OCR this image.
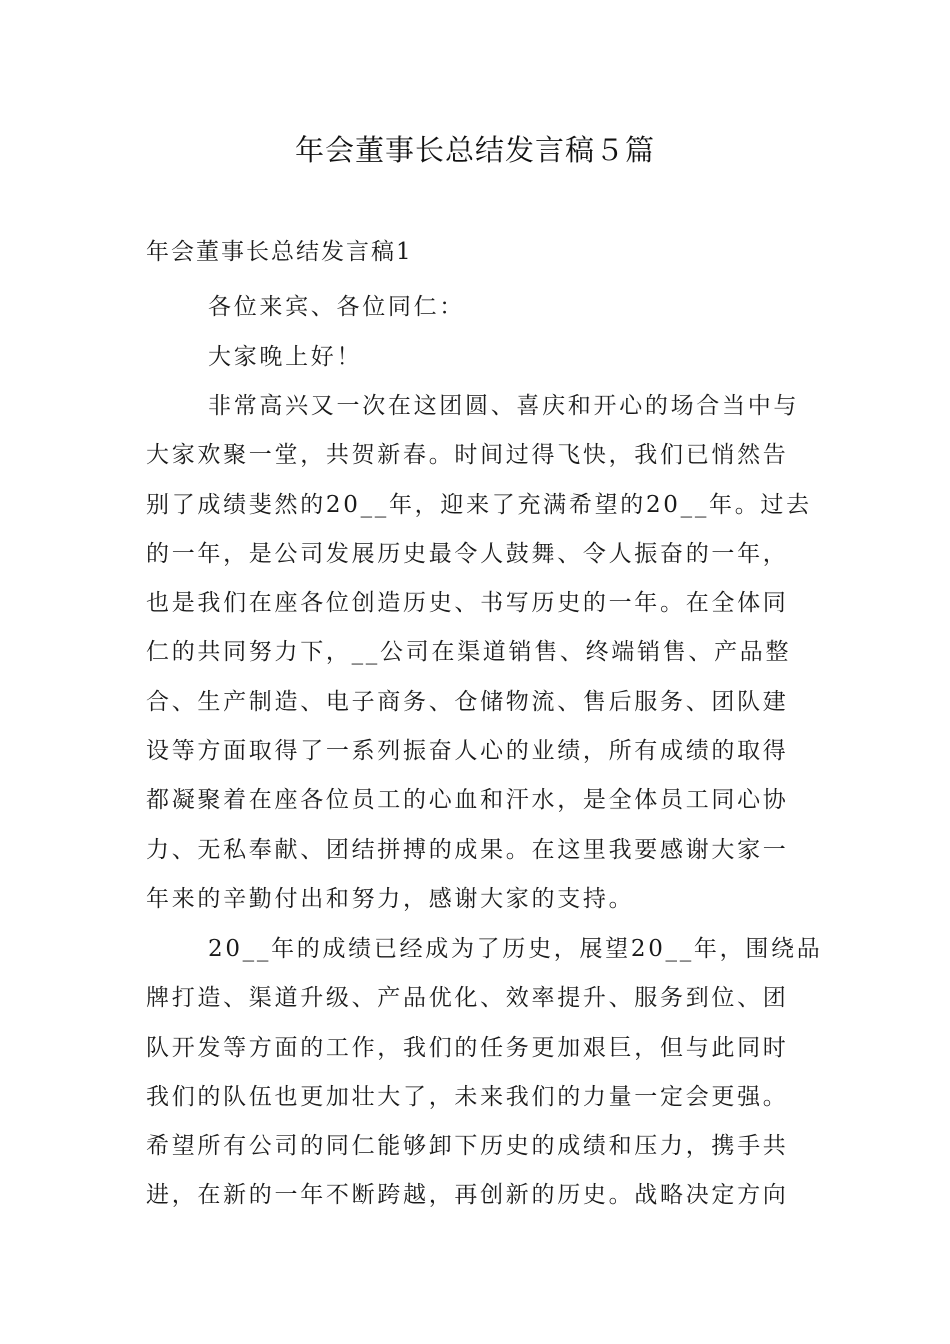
年会董事长总结发言稿５篇
年会董事长总结发言稿1
各位来宾、各位同仁：
大家晚上好！
非常高兴又一次在这团圆、喜庆和开心的场合当中与
大家欢聚一堂，共贺新春。时间过得飞快，我们已悄然告
别了成绩斐然的20__年，迎来了充满希望的20__年。过去
的一年，是公司发展历史最令人鼓舞、令人振奋的一年，
也是我们在座各位创造历史、书写历史的一年。在全体同
仁的共同努力下，__公司在渠道销售、终端销售、产品整
合、生产制造、电子商务、仓储物流、售后服务、团队建
设等方面取得了一系列振奋人心的业绩，所有成绩的取得
都凝聚着在座各位员工的心血和汗水，是全体员工同心协
力、无私奉献、团结拼搏的成果。在这里我要感谢大家一
年来的辛勤付出和努力，感谢大家的支持。
20__年的成绩已经成为了历史，展望20__年，围绕品
牌打造、渠道升级、产品优化、效率提升、服务到位、团
队开发等方面的工作，我们的任务更加艰巨，但与此同时
我们的队伍也更加壮大了，未来我们的力量一定会更强。
希望所有公司的同仁能够卸下历史的成绩和压力，携手共
进，在新的一年不断跨越，再创新的历史。战略决定方向
